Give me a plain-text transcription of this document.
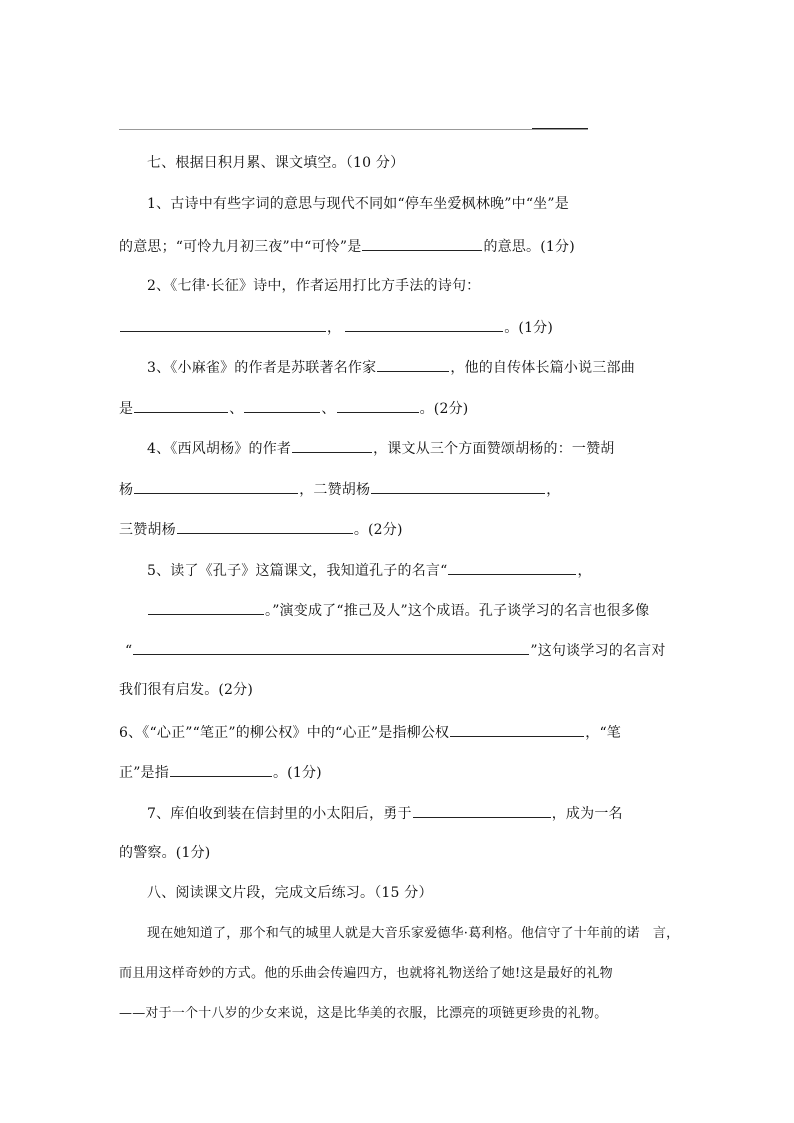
七、根据日积月累、课文填空。（10 分）
1、古诗中有些字词的意思与现代不同如“停车坐爱枫林晚”中“坐”是
的意思；“可怜九月初三夜”中“可怜”是	的意思。(1分)
2、《七律·长征》诗中，作者运用打比方手法的诗句：
，	。(1分)
3、《小麻雀》的作者是苏联著名作家	，他的自传体长篇小说三部曲
是	、	、	。(2分)
4、《西风胡杨》的作者	，课文从三个方面赞颂胡杨的：一赞胡
杨	，二赞胡杨	，
三赞胡杨	。(2分)
5、读了《孔子》这篇课文，我知道孔子的名言“	，
。”演变成了“推己及人”这个成语。孔子谈学习的名言也很多像
“	”这句谈学习的名言对
我们很有启发。(2分)
6、《“心正”“笔正”的柳公权》中的“心正”是指柳公权	，“笔
正”是指	。(1分)
7、库伯收到装在信封里的小太阳后，勇于	，成为一名
的警察。(1分)
八、阅读课文片段，完成文后练习。（15 分）
现在她知道了，那个和气的城里人就是大音乐家爱德华·葛利格。他信守了十年前的诺　言，
而且用这样奇妙的方式。他的乐曲会传遍四方，也就将礼物送给了她!这是最好的礼物
——对于一个十八岁的少女来说，这是比华美的衣服，比漂亮的项链更珍贵的礼物。
